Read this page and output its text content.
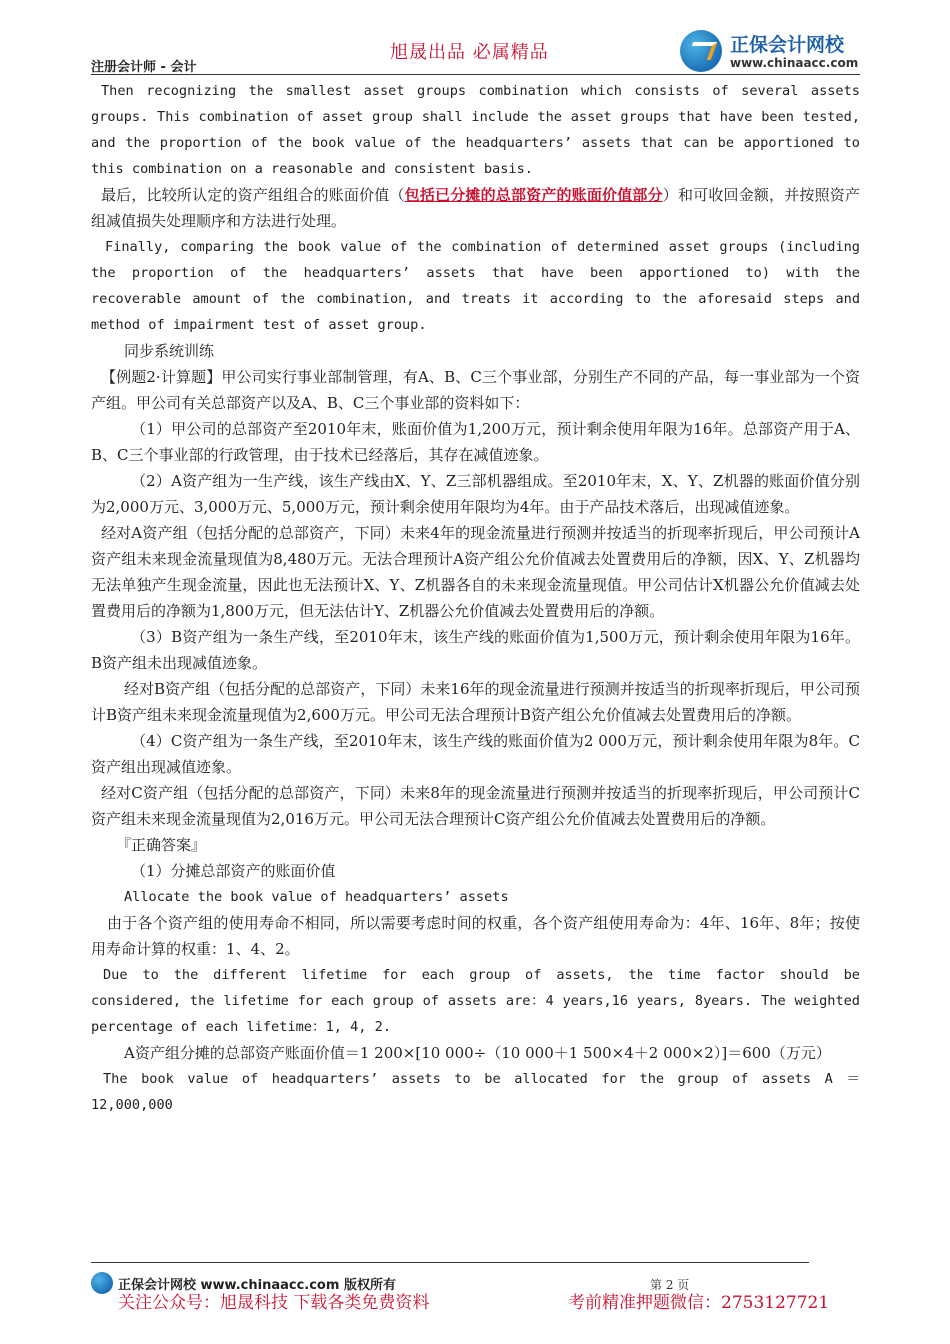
注册会计师 - 会计
旭晟出品 必属精品	正保会计网校
www.chinaacc.com

Then recognizing the smallest asset groups combination which consists of several assets groups. This combination of asset group shall include the asset groups that have been tested, and the proportion of the book value of the headquarters’ assets that can be apportioned to this combination on a reasonable and consistent basis.

最后，比较所认定的资产组组合的账面价值（包括已分摊的总部资产的账面价值部分）和可收回金额，并按照资产组减值损失处理顺序和方法进行处理。

Finally, comparing the book value of the combination of determined asset groups (including the proportion of the headquarters’ assets that have been apportioned to) with the recoverable amount of the combination, and treats it according to the aforesaid steps and method of impairment test of asset group.

同步系统训练

【例题2·计算题】甲公司实行事业部制管理，有A、B、C三个事业部，分别生产不同的产品，每一事业部为一个资产组。甲公司有关总部资产以及A、B、C三个事业部的资料如下：

（1）甲公司的总部资产至2010年末，账面价值为1,200万元，预计剩余使用年限为16年。总部资产用于A、B、C三个事业部的行政管理，由于技术已经落后，其存在减值迹象。

（2）A资产组为一生产线，该生产线由X、Y、Z三部机器组成。至2010年末，X、Y、Z机器的账面价值分别为2,000万元、3,000万元、5,000万元，预计剩余使用年限均为4年。由于产品技术落后，出现减值迹象。

经对A资产组（包括分配的总部资产，下同）未来4年的现金流量进行预测并按适当的折现率折现后，甲公司预计A资产组未来现金流量现值为8,480万元。无法合理预计A资产组公允价值减去处置费用后的净额，因X、Y、Z机器均无法单独产生现金流量，因此也无法预计X、Y、Z机器各自的未来现金流量现值。甲公司估计X机器公允价值减去处置费用后的净额为1,800万元，但无法估计Y、Z机器公允价值减去处置费用后的净额。

（3）B资产组为一条生产线，至2010年末，该生产线的账面价值为1,500万元，预计剩余使用年限为16年。B资产组未出现减值迹象。

经对B资产组（包括分配的总部资产，下同）未来16年的现金流量进行预测并按适当的折现率折现后，甲公司预计B资产组未来现金流量现值为2,600万元。甲公司无法合理预计B资产组公允价值减去处置费用后的净额。

（4）C资产组为一条生产线，至2010年末，该生产线的账面价值为2 000万元，预计剩余使用年限为8年。C资产组出现减值迹象。

经对C资产组（包括分配的总部资产，下同）未来8年的现金流量进行预测并按适当的折现率折现后，甲公司预计C资产组未来现金流量现值为2,016万元。甲公司无法合理预计C资产组公允价值减去处置费用后的净额。

『正确答案』

（1）分摊总部资产的账面价值

Allocate the book value of headquarters’ assets

由于各个资产组的使用寿命不相同，所以需要考虑时间的权重，各个资产组使用寿命为：4年、16年、8年；按使用寿命计算的权重：1、4、2。

Due to the different lifetime for each group of assets, the time factor should be considered, the lifetime for each group of assets are：4 years,16 years, 8years. The weighted percentage of each lifetime：1, 4, 2.

A资产组分摊的总部资产账面价值＝1 200×[10 000÷（10 000＋1 500×4＋2 000×2）]＝600（万元）

The book value of headquarters’ assets to be allocated for the group of assets A ＝ 12,000,000

正保会计网校 www.chinaacc.com 版权所有	第 2 页
关注公众号：旭晟科技 下载各类免费资料	考前精准押题微信：2753127721
